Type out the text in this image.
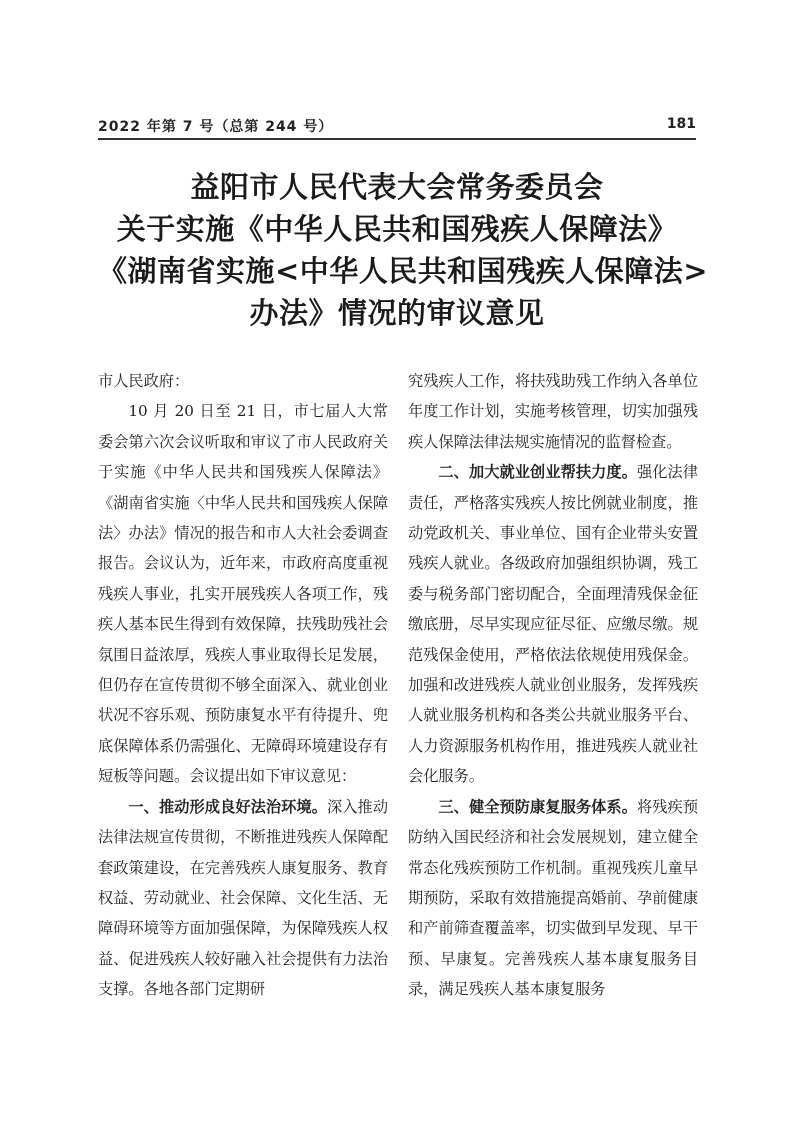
2022 年第 7 号（总第 244 号）	181
益阳市人民代表大会常务委员会
关于实施《中华人民共和国残疾人保障法》
《湖南省实施<中华人民共和国残疾人保障法>
办法》情况的审议意见

市人民政府：

10 月 20 日至 21 日，市七届人大常委会第六次会议听取和审议了市人民政府关于实施《中华人民共和国残疾人保障法》《湖南省实施〈中华人民共和国残疾人保障法〉办法》情况的报告和市人大社会委调查报告。会议认为，近年来，市政府高度重视残疾人事业，扎实开展残疾人各项工作，残疾人基本民生得到有效保障，扶残助残社会氛围日益浓厚，残疾人事业取得长足发展，但仍存在宣传贯彻不够全面深入、就业创业状况不容乐观、预防康复水平有待提升、兜底保障体系仍需强化、无障碍环境建设存有短板等问题。会议提出如下审议意见：

一、推动形成良好法治环境。深入推动法律法规宣传贯彻，不断推进残疾人保障配套政策建设，在完善残疾人康复服务、教育权益、劳动就业、社会保障、文化生活、无障碍环境等方面加强保障，为保障残疾人权益、促进残疾人较好融入社会提供有力法治支撑。各地各部门定期研

究残疾人工作，将扶残助残工作纳入各单位年度工作计划，实施考核管理，切实加强残疾人保障法律法规实施情况的监督检查。

二、加大就业创业帮扶力度。强化法律责任，严格落实残疾人按比例就业制度，推动党政机关、事业单位、国有企业带头安置残疾人就业。各级政府加强组织协调，残工委与税务部门密切配合，全面理清残保金征缴底册，尽早实现应征尽征、应缴尽缴。规范残保金使用，严格依法依规使用残保金。加强和改进残疾人就业创业服务，发挥残疾人就业服务机构和各类公共就业服务平台、人力资源服务机构作用，推进残疾人就业社会化服务。

三、健全预防康复服务体系。将残疾预防纳入国民经济和社会发展规划，建立健全常态化残疾预防工作机制。重视残疾儿童早期预防，采取有效措施提高婚前、孕前健康和产前筛查覆盖率，切实做到早发现、早干预、早康复。完善残疾人基本康复服务目录，满足残疾人基本康复服务
